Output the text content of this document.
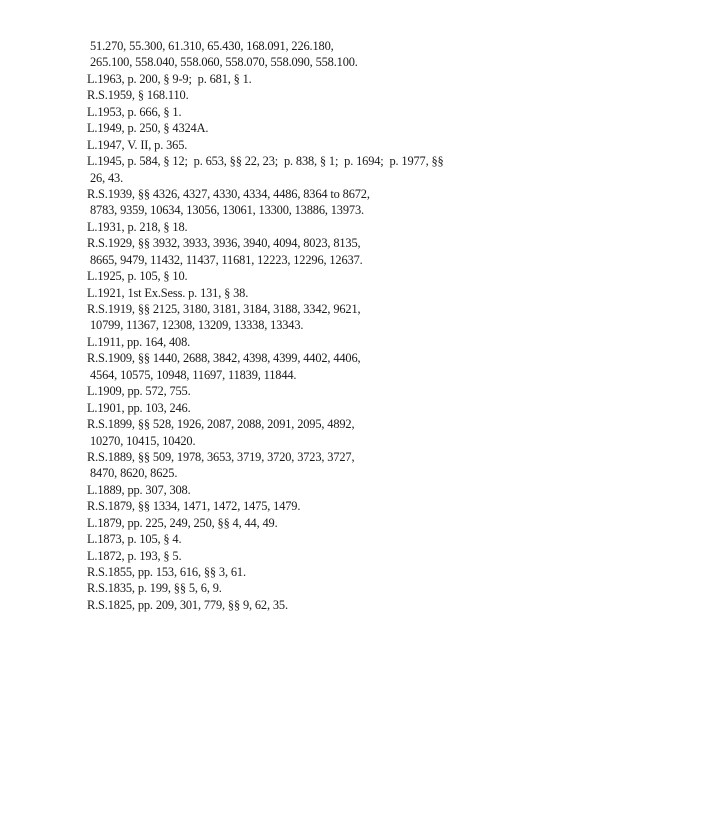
51.270, 55.300, 61.310, 65.430, 168.091, 226.180,
265.100, 558.040, 558.060, 558.070, 558.090, 558.100.
L.1963, p. 200, § 9-9;  p. 681, § 1.
R.S.1959, § 168.110.
L.1953, p. 666, § 1.
L.1949, p. 250, § 4324A.
L.1947, V. II, p. 365.
L.1945, p. 584, § 12;  p. 653, §§ 22, 23;  p. 838, § 1;  p. 1694;  p. 1977, §§
26, 43.
R.S.1939, §§ 4326, 4327, 4330, 4334, 4486, 8364 to 8672,
8783, 9359, 10634, 13056, 13061, 13300, 13886, 13973.
L.1931, p. 218, § 18.
R.S.1929, §§ 3932, 3933, 3936, 3940, 4094, 8023, 8135,
8665, 9479, 11432, 11437, 11681, 12223, 12296, 12637.
L.1925, p. 105, § 10.
L.1921, 1st Ex.Sess. p. 131, § 38.
R.S.1919, §§ 2125, 3180, 3181, 3184, 3188, 3342, 9621,
10799, 11367, 12308, 13209, 13338, 13343.
L.1911, pp. 164, 408.
R.S.1909, §§ 1440, 2688, 3842, 4398, 4399, 4402, 4406,
4564, 10575, 10948, 11697, 11839, 11844.
L.1909, pp. 572, 755.
L.1901, pp. 103, 246.
R.S.1899, §§ 528, 1926, 2087, 2088, 2091, 2095, 4892,
10270, 10415, 10420.
R.S.1889, §§ 509, 1978, 3653, 3719, 3720, 3723, 3727,
8470, 8620, 8625.
L.1889, pp. 307, 308.
R.S.1879, §§ 1334, 1471, 1472, 1475, 1479.
L.1879, pp. 225, 249, 250, §§ 4, 44, 49.
L.1873, p. 105, § 4.
L.1872, p. 193, § 5.
R.S.1855, pp. 153, 616, §§ 3, 61.
R.S.1835, p. 199, §§ 5, 6, 9.
R.S.1825, pp. 209, 301, 779, §§ 9, 62, 35.
